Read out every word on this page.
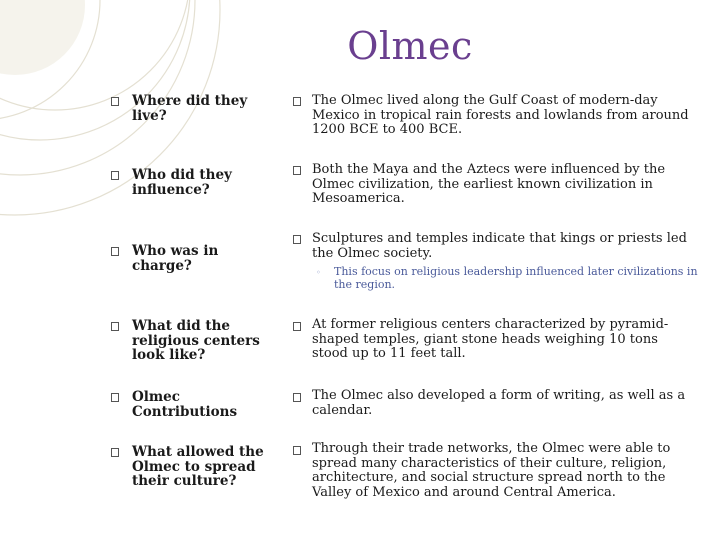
Olmec
Where did they live?
The Olmec lived along the Gulf Coast of modern-day Mexico in tropical rain forests and lowlands from around 1200 BCE to 400 BCE.
Who did they influence?
Both the Maya and the Aztecs were influenced by the Olmec civilization, the earliest known civilization in Mesoamerica.
Who was in charge?
Sculptures and temples indicate that kings or priests led the Olmec society.
◦ This focus on religious leadership influenced later civilizations in the region.
What did the religious centers look like?
At former religious centers characterized by pyramid-shaped temples, giant stone heads weighing 10 tons stood up to 11 feet tall.
Olmec Contributions
The Olmec also developed a form of writing, as well as a calendar.
What allowed the Olmec to spread their culture?
Through their trade networks, the Olmec were able to spread many characteristics of their culture, religion, architecture, and social structure spread north to the Valley of Mexico and around Central America.
